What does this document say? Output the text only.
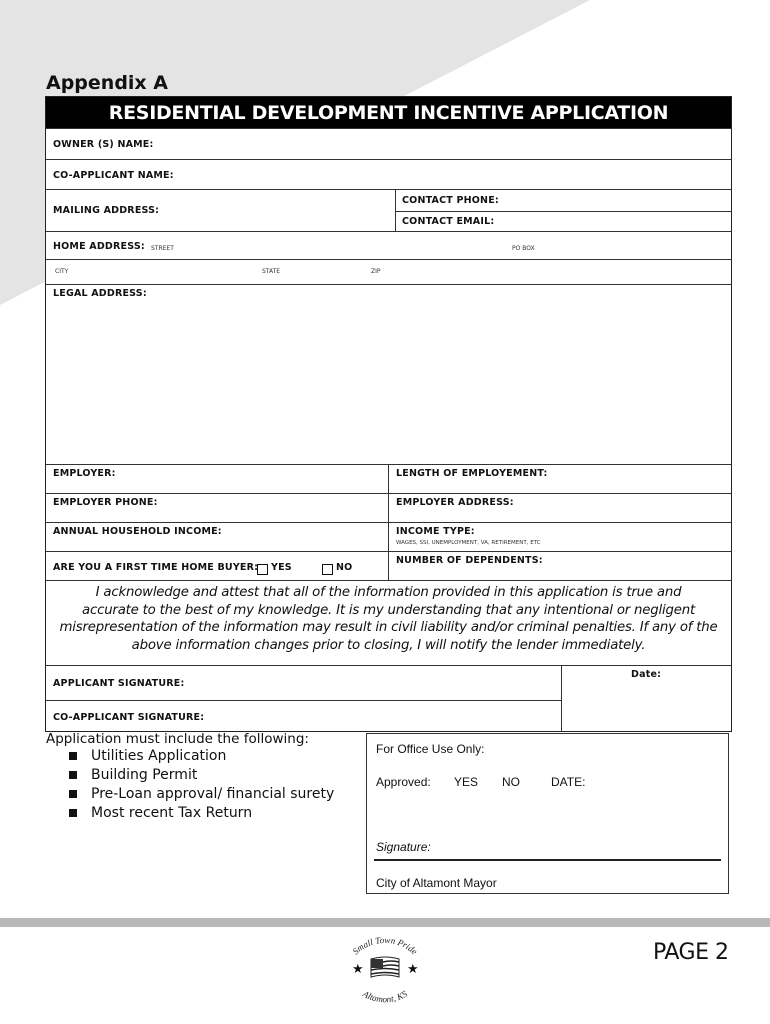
Appendix A
RESIDENTIAL DEVELOPMENT INCENTIVE APPLICATION
OWNER (S) NAME:
CO-APPLICANT NAME:
MAILING ADDRESS:
CONTACT PHONE:
CONTACT EMAIL:
HOME ADDRESS: STREET	PO BOX
CITY	STATE	ZIP
LEGAL ADDRESS:
EMPLOYER:	LENGTH OF EMPLOYEMENT:
EMPLOYER PHONE:	EMPLOYER ADDRESS:
ANNUAL HOUSEHOLD INCOME:	INCOME TYPE:
WAGES, SSI, UNEMPLOYMENT, VA, RETIREMENT, ETC
ARE YOU A FIRST TIME HOME BUYER: YES	NO
NUMBER OF DEPENDENTS:
I acknowledge and attest that all of the information provided in this application is true and
accurate to the best of my knowledge. It is my understanding that any intentional or negligent
misrepresentation of the information may result in civil liability and/or criminal penalties. If any of the
above information changes prior to closing, I will notify the lender immediately.
APPLICANT SIGNATURE:
CO-APPLICANT SIGNATURE:
Date:
Application must include the following:
Utilities Application
Building Permit
Pre-Loan approval/ financial surety
Most recent Tax Return
For Office Use Only:
Approved: YES NO	DATE:
Signature:
City of Altamont Mayor
Small Town Pride
Altamont, KS
★	★
PAGE 2
